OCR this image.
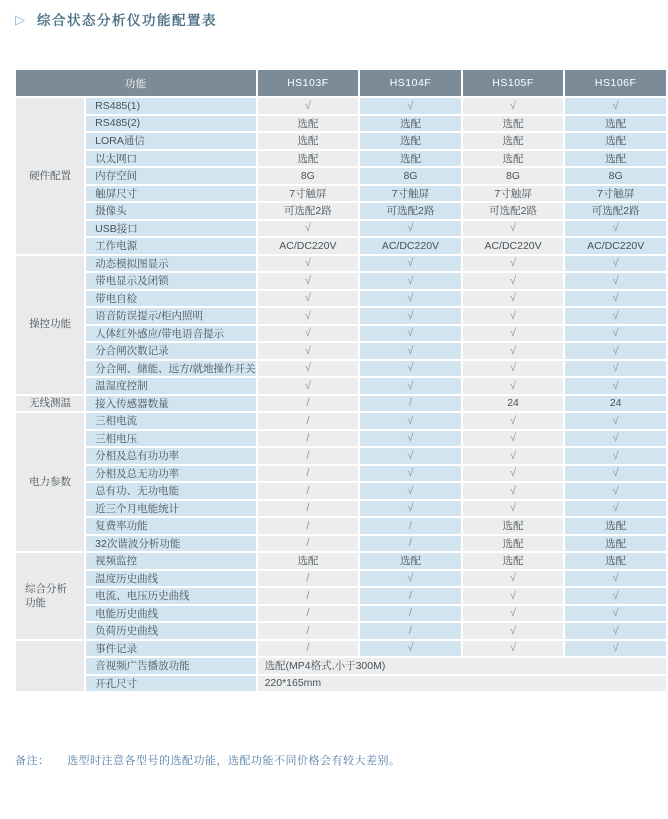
▷ 综合状态分析仪功能配置表
功能		HS103F	HS104F	HS105F	HS106F
硬件配置	RS485(1)	√	√	√	√
	RS485(2)	选配	选配	选配	选配
	LORA通信	选配	选配	选配	选配
	以太网口	选配	选配	选配	选配
	内存空间	8G	8G	8G	8G
	触屏尺寸	7寸触屏	7寸触屏	7寸触屏	7寸触屏
	摄像头	可选配2路	可选配2路	可选配2路	可选配2路
	USB接口	√	√	√	√
	工作电源	AC/DC220V	AC/DC220V	AC/DC220V	AC/DC220V
操控功能	动态模拟图显示	√	√	√	√
	带电显示及闭锁	√	√	√	√
	带电自检	√	√	√	√
	语音防误提示/柜内照明	√	√	√	√
	人体红外感应/带电语音提示	√	√	√	√
	分合闸次数记录	√	√	√	√
	分合闸、储能、远方/就地操作开关	√	√	√	√
	温湿度控制	√	√	√	√
无线测温	接入传感器数量	/	/	24	24
电力参数	三相电流	/	√	√	√
	三相电压	/	√	√	√
	分相及总有功功率	/	√	√	√
	分相及总无功功率	/	√	√	√
	总有功、无功电能	/	√	√	√
	近三个月电能统计	/	√	√	√
	复费率功能	/	/	选配	选配
	32次谐波分析功能	/	/	选配	选配
综合分析功能	视频监控	选配	选配	选配	选配
	温度历史曲线	/	√	√	√
	电流、电压历史曲线	/	/	√	√
	电能历史曲线	/	/	√	√
	负荷历史曲线	/	/	√	√
	事件记录	/	√	√	√
	音视频广告播放功能	选配(MP4格式,小于300M)			
	开孔尺寸	220*165mm			
备注： 选型时注意各型号的选配功能，选配功能不同价格会有较大差别。
